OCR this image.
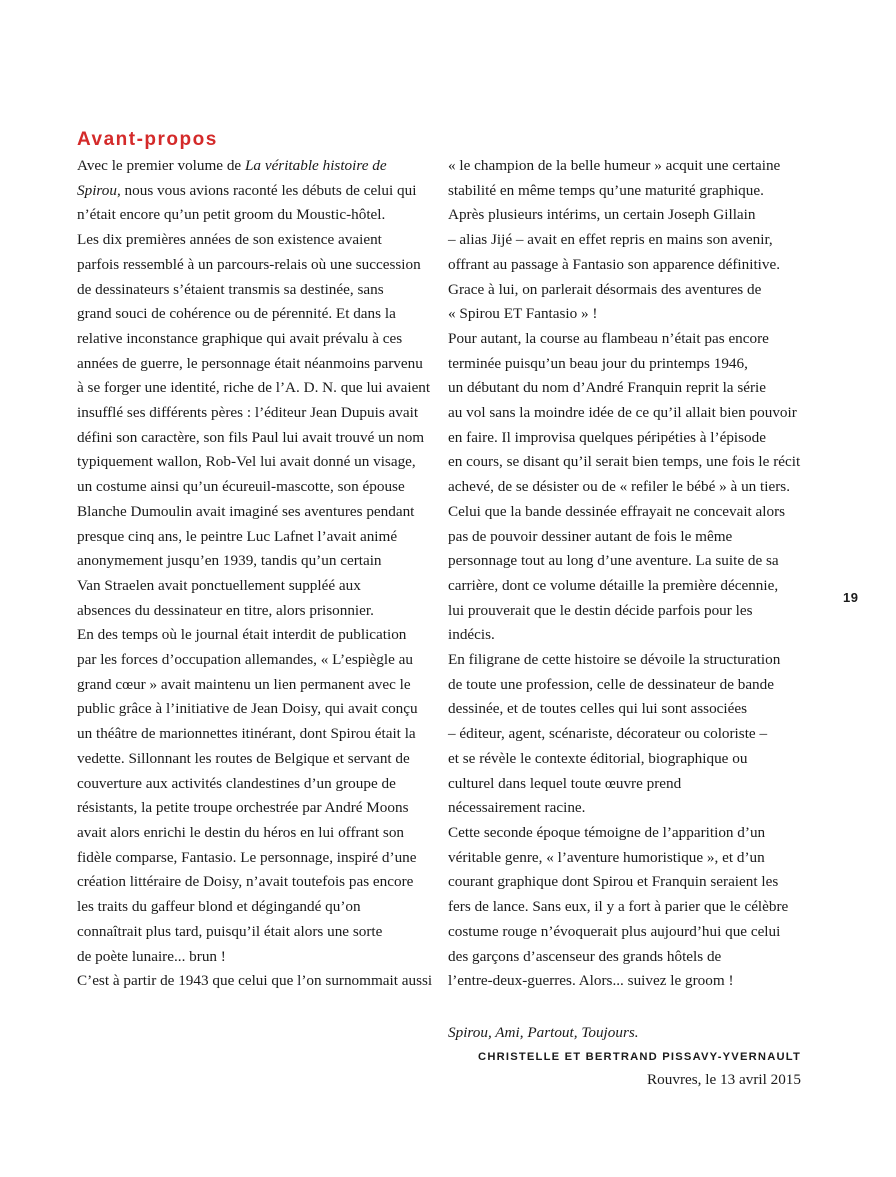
Avant-propos
Avec le premier volume de La véritable histoire de
Spirou, nous vous avions raconté les débuts de celui qui
n’était encore qu’un petit groom du Moustic-hôtel.
Les dix premières années de son existence avaient
parfois ressemblé à un parcours-relais où une succession
de dessinateurs s’étaient transmis sa destinée, sans
grand souci de cohérence ou de pérennité. Et dans la
relative inconstance graphique qui avait prévalu à ces
années de guerre, le personnage était néanmoins parvenu
à se forger une identité, riche de l’A. D. N. que lui avaient
insufflé ses différents pères : l’éditeur Jean Dupuis avait
défini son caractère, son fils Paul lui avait trouvé un nom
typiquement wallon, Rob-Vel lui avait donné un visage,
un costume ainsi qu’un écureuil-mascotte, son épouse
Blanche Dumoulin avait imaginé ses aventures pendant
presque cinq ans, le peintre Luc Lafnet l’avait animé
anonymement jusqu’en 1939, tandis qu’un certain
Van Straelen avait ponctuellement suppléé aux
absences du dessinateur en titre, alors prisonnier.
En des temps où le journal était interdit de publication
par les forces d’occupation allemandes, « L’espiègle au
grand cœur » avait maintenu un lien permanent avec le
public grâce à l’initiative de Jean Doisy, qui avait conçu
un théâtre de marionnettes itinérant, dont Spirou était la
vedette. Sillonnant les routes de Belgique et servant de
couverture aux activités clandestines d’un groupe de
résistants, la petite troupe orchestrée par André Moons
avait alors enrichi le destin du héros en lui offrant son
fidèle comparse, Fantasio. Le personnage, inspiré d’une
création littéraire de Doisy, n’avait toutefois pas encore
les traits du gaffeur blond et dégingandé qu’on
connaîtrait plus tard, puisqu’il était alors une sorte
de poète lunaire... brun !
C’est à partir de 1943 que celui que l’on surnommait aussi
« le champion de la belle humeur » acquit une certaine
stabilité en même temps qu’une maturité graphique.
Après plusieurs intérims, un certain Joseph Gillain
– alias Jijé – avait en effet repris en mains son avenir,
offrant au passage à Fantasio son apparence définitive.
Grace à lui, on parlerait désormais des aventures de
« Spirou ET Fantasio » !
Pour autant, la course au flambeau n’était pas encore
terminée puisqu’un beau jour du printemps 1946,
un débutant du nom d’André Franquin reprit la série
au vol sans la moindre idée de ce qu’il allait bien pouvoir
en faire. Il improvisa quelques péripéties à l’épisode
en cours, se disant qu’il serait bien temps, une fois le récit
achevé, de se désister ou de « refiler le bébé » à un tiers.
Celui que la bande dessinée effrayait ne concevait alors
pas de pouvoir dessiner autant de fois le même
personnage tout au long d’une aventure. La suite de sa
carrière, dont ce volume détaille la première décennie,
lui prouverait que le destin décide parfois pour les
indécis.
En filigrane de cette histoire se dévoile la structuration
de toute une profession, celle de dessinateur de bande
dessinée, et de toutes celles qui lui sont associées
– éditeur, agent, scénariste, décorateur ou coloriste –
et se révèle le contexte éditorial, biographique ou
culturel dans lequel toute œuvre prend
nécessairement racine.
Cette seconde époque témoigne de l’apparition d’un
véritable genre, « l’aventure humoristique », et d’un
courant graphique dont Spirou et Franquin seraient les
fers de lance. Sans eux, il y a fort à parier que le célèbre
costume rouge n’évoquerait plus aujourd’hui que celui
des garçons d’ascenseur des grands hôtels de
l’entre-deux-guerres. Alors... suivez le groom !
19
Spirou, Ami, Partout, Toujours.
CHRISTELLE ET BERTRAND PISSAVY-YVERNAULT
Rouvres, le 13 avril 2015
